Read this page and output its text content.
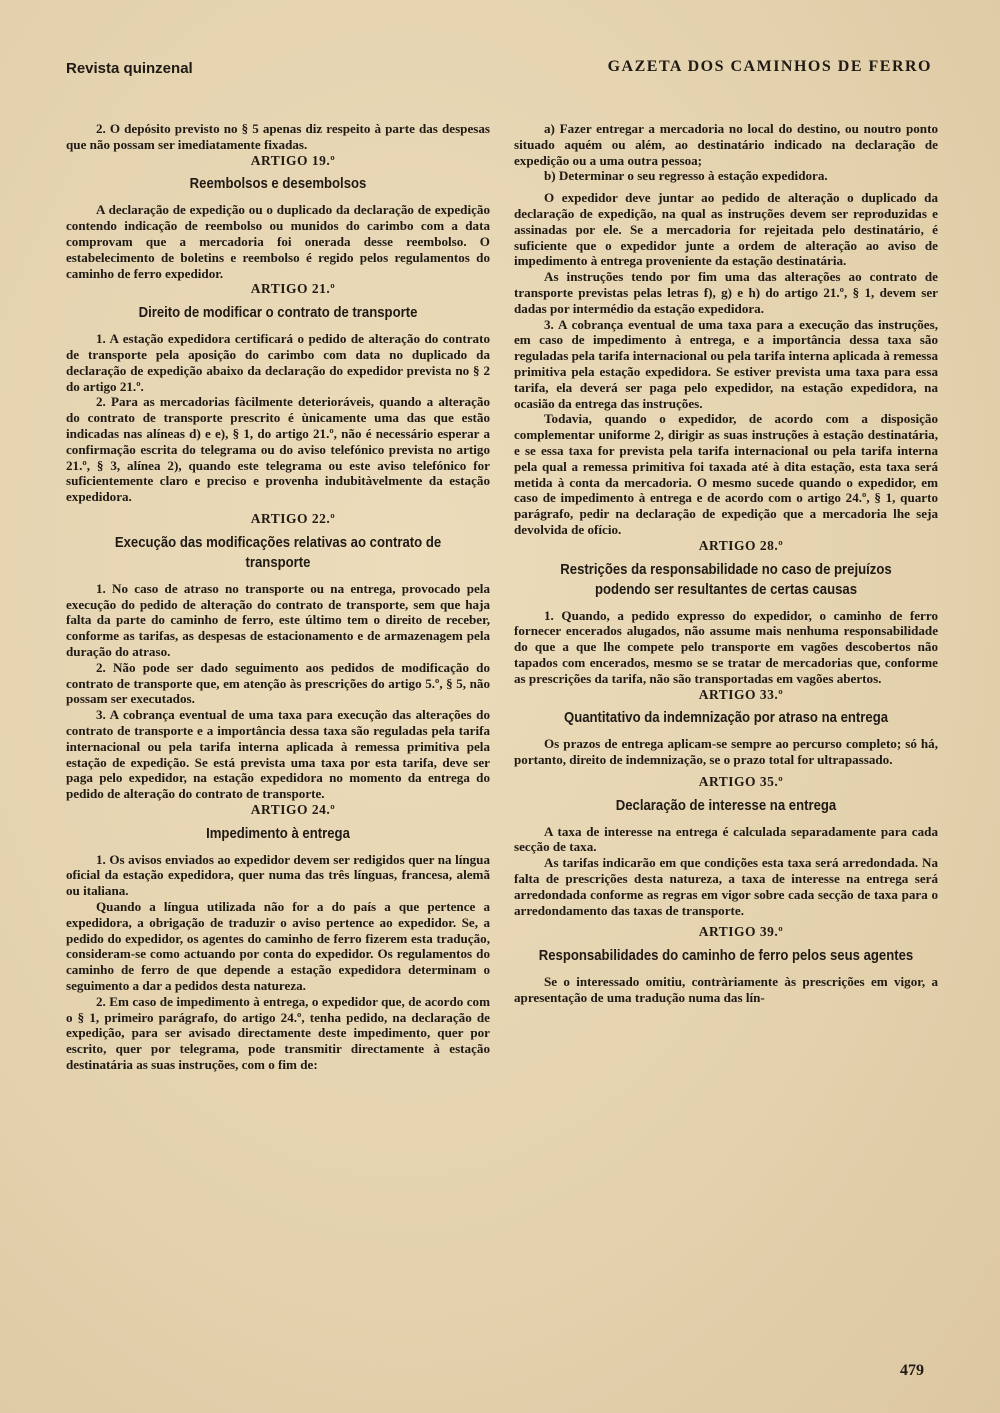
Revista quinzenal	GAZETA DOS CAMINHOS DE FERRO

2. O depósito previsto no § 5 apenas diz respeito à parte das despesas que não possam ser imediatamente fixadas.

ARTIGO 19.º

Reembolsos e desembolsos

A declaração de expedição ou o duplicado da declaração de expedição contendo indicação de reembolso ou munidos do carimbo com a data comprovam que a mercadoria foi onerada desse reembolso. O estabelecimento de boletins e reembolso é regido pelos regulamentos do caminho de ferro expedidor.

ARTIGO 21.º

Direito de modificar o contrato de transporte

1. A estação expedidora certificará o pedido de alteração do contrato de transporte pela aposição do carimbo com data no duplicado da declaração de expedição abaixo da declaração do expedidor prevista no § 2 do artigo 21.º.

2. Para as mercadorias fàcilmente deterioráveis, quando a alteração do contrato de transporte prescrito é ùnicamente uma das que estão indicadas nas alíneas d) e e), § 1, do artigo 21.º, não é necessário esperar a confirmação escrita do telegrama ou do aviso telefónico prevista no artigo 21.º, § 3, alínea 2), quando este telegrama ou este aviso telefónico for suficientemente claro e preciso e provenha indubitàvelmente da estação expedidora.

ARTIGO 22.º

Execução das modificações relativas ao contrato de transporte

1. No caso de atraso no transporte ou na entrega, provocado pela execução do pedido de alteração do contrato de transporte, sem que haja falta da parte do caminho de ferro, este último tem o direito de receber, conforme as tarifas, as despesas de estacionamento e de armazenagem pela duração do atraso.

2. Não pode ser dado seguimento aos pedidos de modificação do contrato de transporte que, em atenção às prescrições do artigo 5.º, § 5, não possam ser executados.

3. A cobrança eventual de uma taxa para execução das alterações do contrato de transporte e a importância dessa taxa são reguladas pela tarifa internacional ou pela tarifa interna aplicada à remessa primitiva pela estação de expedição. Se está prevista uma taxa por esta tarifa, deve ser paga pelo expedidor, na estação expedidora no momento da entrega do pedido de alteração do contrato de transporte.

ARTIGO 24.º

Impedimento à entrega

1. Os avisos enviados ao expedidor devem ser redigidos quer na língua oficial da estação expedidora, quer numa das três línguas, francesa, alemã ou italiana.

Quando a língua utilizada não for a do país a que pertence a expedidora, a obrigação de traduzir o aviso pertence ao expedidor. Se, a pedido do expedidor, os agentes do caminho de ferro fizerem esta tradução, consideram-se como actuando por conta do expedidor. Os regulamentos do caminho de ferro de que depende a estação expedidora determinam o seguimento a dar a pedidos desta natureza.

2. Em caso de impedimento à entrega, o expedidor que, de acordo com o § 1, primeiro parágrafo, do artigo 24.º, tenha pedido, na declaração de expedição, para ser avisado directamente deste impedimento, quer por escrito, quer por telegrama, pode transmitir directamente à estação destinatária as suas instruções, com o fim de:

a) Fazer entregar a mercadoria no local do destino, ou noutro ponto situado aquém ou além, ao destinatário indicado na declaração de expedição ou a uma outra pessoa;

b) Determinar o seu regresso à estação expedidora.

O expedidor deve juntar ao pedido de alteração o duplicado da declaração de expedição, na qual as instruções devem ser reproduzidas e assinadas por ele. Se a mercadoria for rejeitada pelo destinatário, é suficiente que o expedidor junte a ordem de alteração ao aviso de impedimento à entrega proveniente da estação destinatária.

As instruções tendo por fim uma das alterações ao contrato de transporte previstas pelas letras f), g) e h) do artigo 21.º, § 1, devem ser dadas por intermédio da estação expedidora.

3. A cobrança eventual de uma taxa para a execução das instruções, em caso de impedimento à entrega, e a importância dessa taxa são reguladas pela tarifa internacional ou pela tarifa interna aplicada à remessa primitiva pela estação expedidora. Se estiver prevista uma taxa para essa tarifa, ela deverá ser paga pelo expedidor, na estação expedidora, na ocasião da entrega das instruções.

Todavia, quando o expedidor, de acordo com a disposição complementar uniforme 2, dirigir as suas instruções à estação destinatária, e se essa taxa for prevista pela tarifa internacional ou pela tarifa interna pela qual a remessa primitiva foi taxada até à dita estação, esta taxa será metida à conta da mercadoria. O mesmo sucede quando o expedidor, em caso de impedimento à entrega e de acordo com o artigo 24.º, § 1, quarto parágrafo, pedir na declaração de expedição que a mercadoria lhe seja devolvida de ofício.

ARTIGO 28.º

Restrições da responsabilidade no caso de prejuízos podendo ser resultantes de certas causas

1. Quando, a pedido expresso do expedidor, o caminho de ferro fornecer encerados alugados, não assume mais nenhuma responsabilidade do que a que lhe compete pelo transporte em vagões descobertos não tapados com encerados, mesmo se se tratar de mercadorias que, conforme as prescrições da tarifa, não são transportadas em vagões abertos.

ARTIGO 33.º

Quantitativo da indemnização por atraso na entrega

Os prazos de entrega aplicam-se sempre ao percurso completo; só há, portanto, direito de indemnização, se o prazo total for ultrapassado.

ARTIGO 35.º

Declaração de interesse na entrega

A taxa de interesse na entrega é calculada separadamente para cada secção de taxa.

As tarifas indicarão em que condições esta taxa será arredondada. Na falta de prescrições desta natureza, a taxa de interesse na entrega será arredondada conforme as regras em vigor sobre cada secção de taxa para o arredondamento das taxas de transporte.

ARTIGO 39.º

Responsabilidades do caminho de ferro pelos seus agentes

Se o interessado omitiu, contràriamente às prescrições em vigor, a apresentação de uma tradução numa das lín-

479
